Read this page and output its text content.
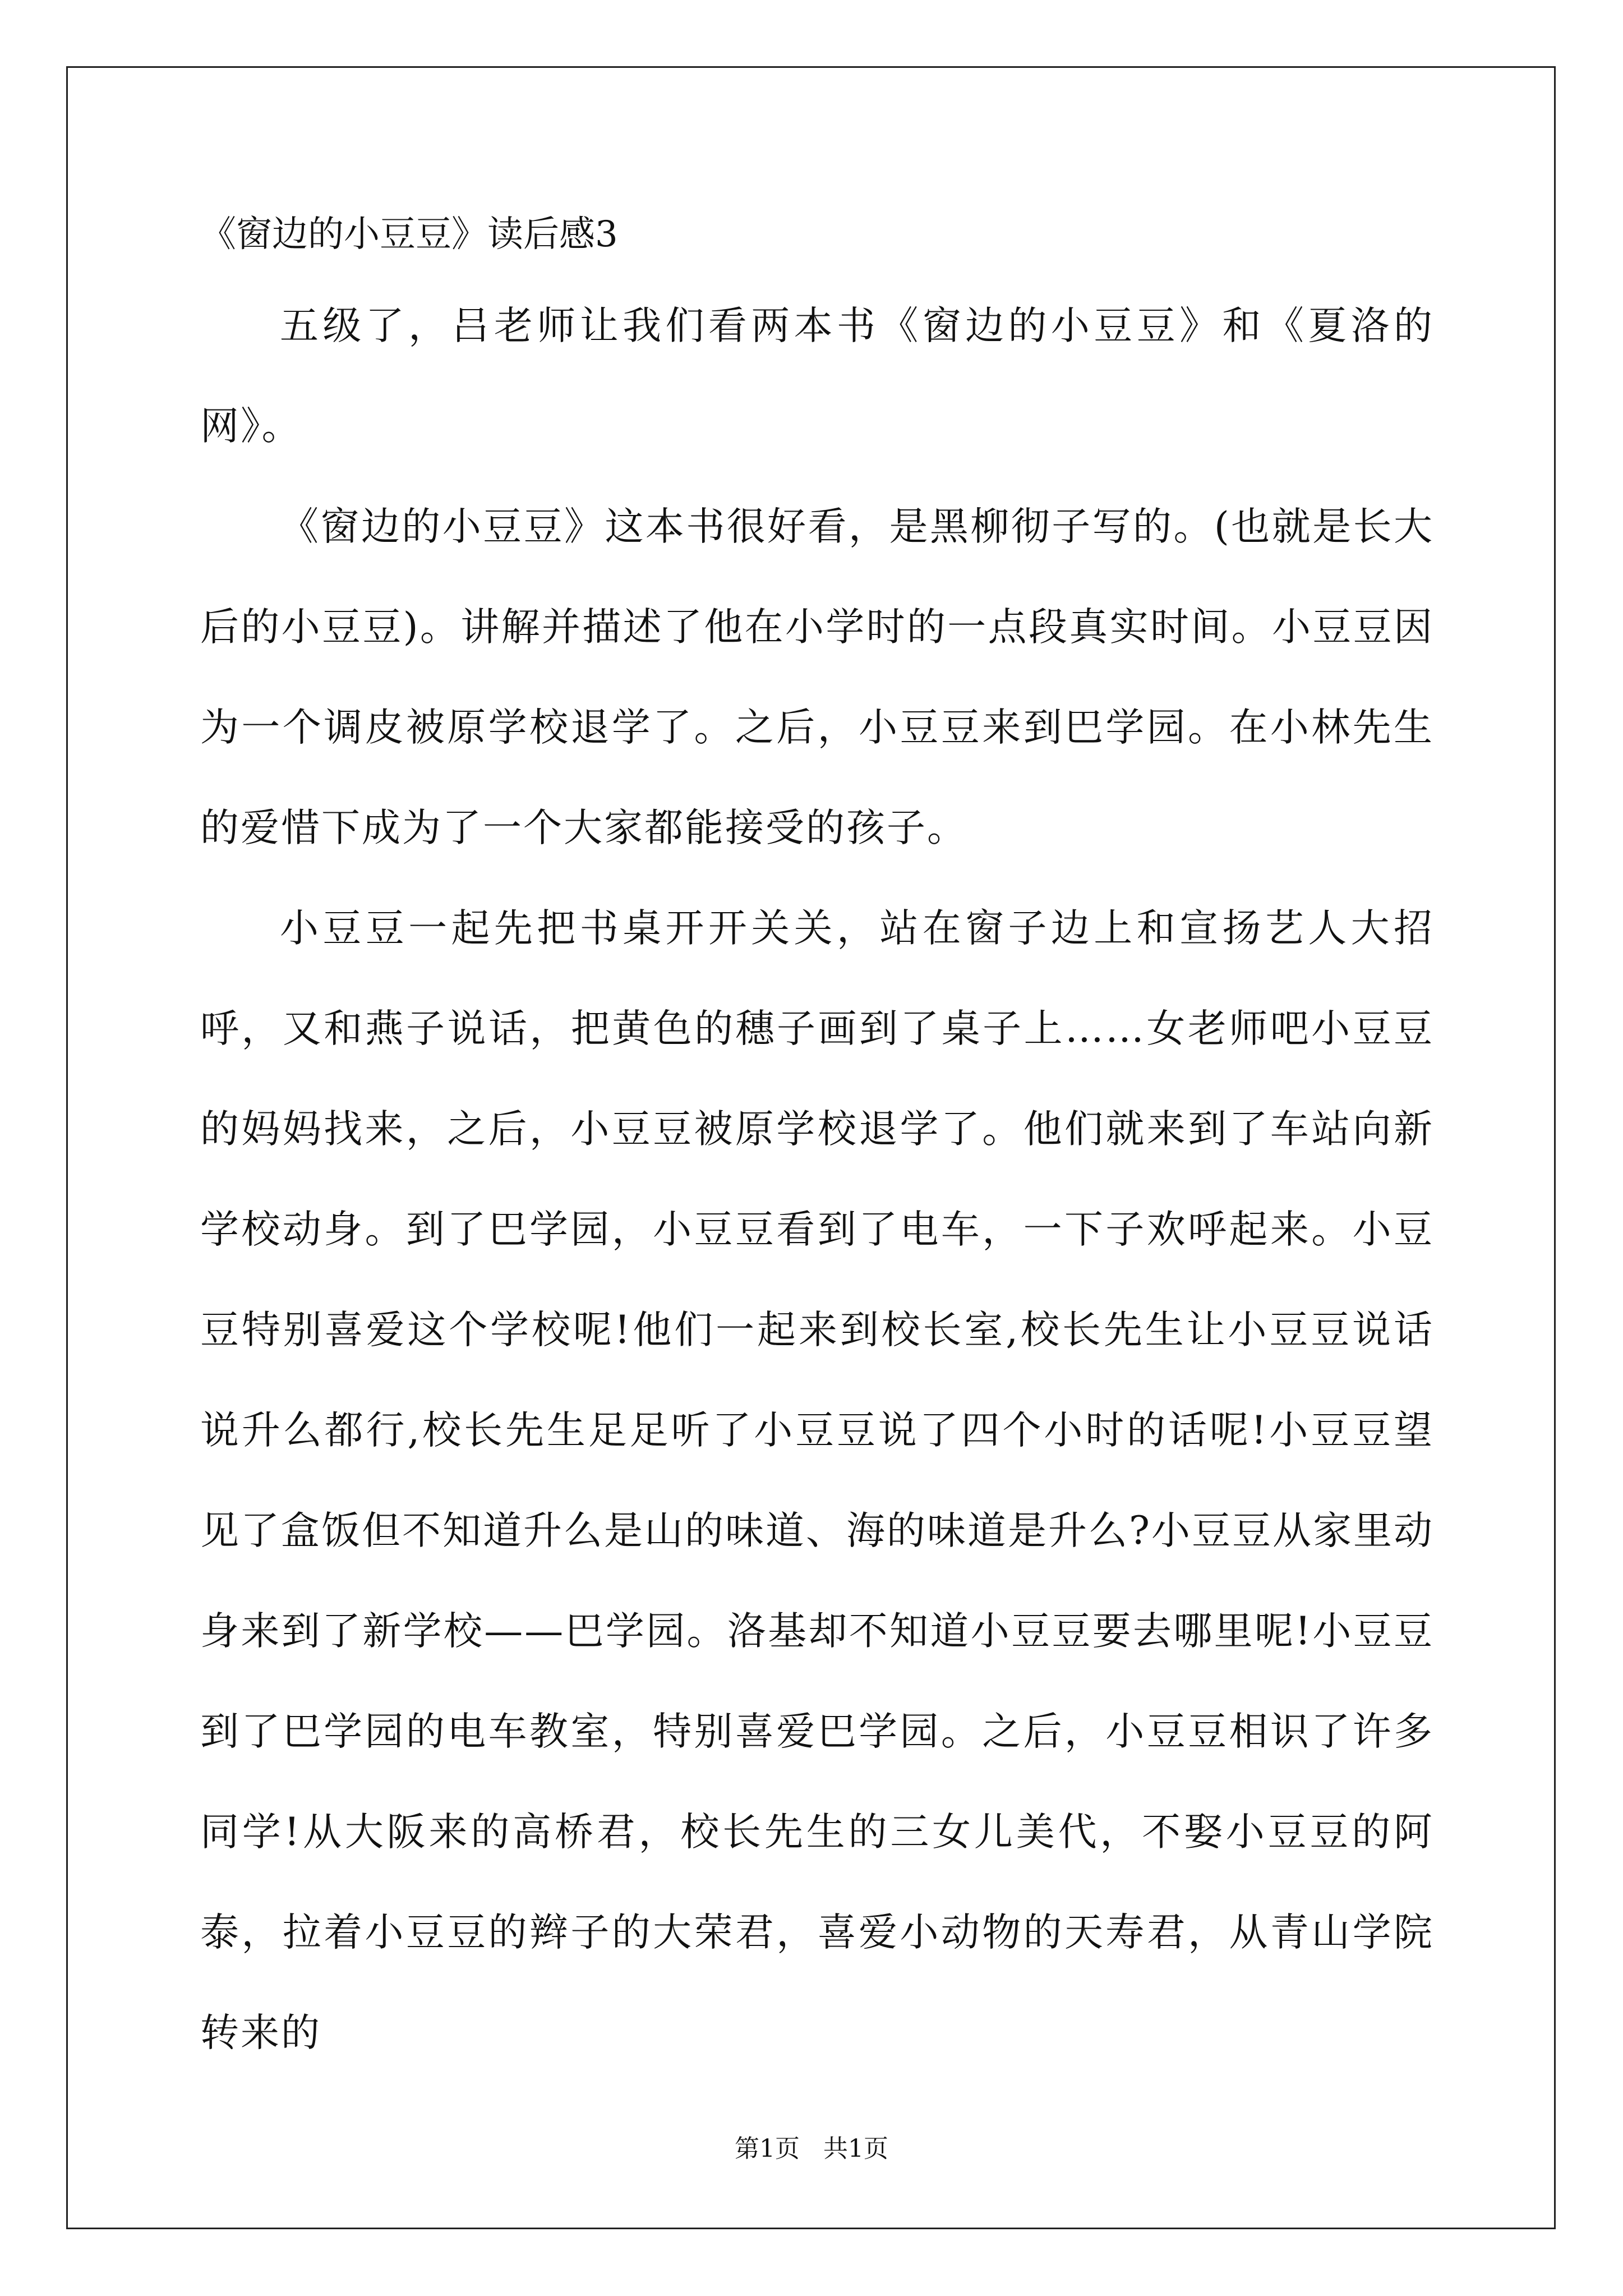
《窗边的小豆豆》读后感3

五级了，吕老师让我们看两本书《窗边的小豆豆》和《夏洛的网》。

《窗边的小豆豆》这本书很好看，是黑柳彻子写的。(也就是长大后的小豆豆)。讲解并描述了他在小学时的一点段真实时间。小豆豆因为一个调皮被原学校退学了。之后，小豆豆来到巴学园。在小林先生的爱惜下成为了一个大家都能接受的孩子。

小豆豆一起先把书桌开开关关，站在窗子边上和宣扬艺人大招呼，又和燕子说话，把黄色的穗子画到了桌子上……女老师吧小豆豆的妈妈找来，之后，小豆豆被原学校退学了。他们就来到了车站向新学校动身。到了巴学园，小豆豆看到了电车，一下子欢呼起来。小豆豆特别喜爱这个学校呢!他们一起来到校长室,校长先生让小豆豆说话说升么都行,校长先生足足听了小豆豆说了四个小时的话呢!小豆豆望见了盒饭但不知道升么是山的味道、海的味道是升么?小豆豆从家里动身来到了新学校——巴学园。洛基却不知道小豆豆要去哪里呢!小豆豆到了巴学园的电车教室，特别喜爱巴学园。之后，小豆豆相识了许多同学!从大阪来的高桥君，校长先生的三女儿美代，不娶小豆豆的阿泰，拉着小豆豆的辫子的大荣君，喜爱小动物的天寿君，从青山学院转来的

第1页   共1页
